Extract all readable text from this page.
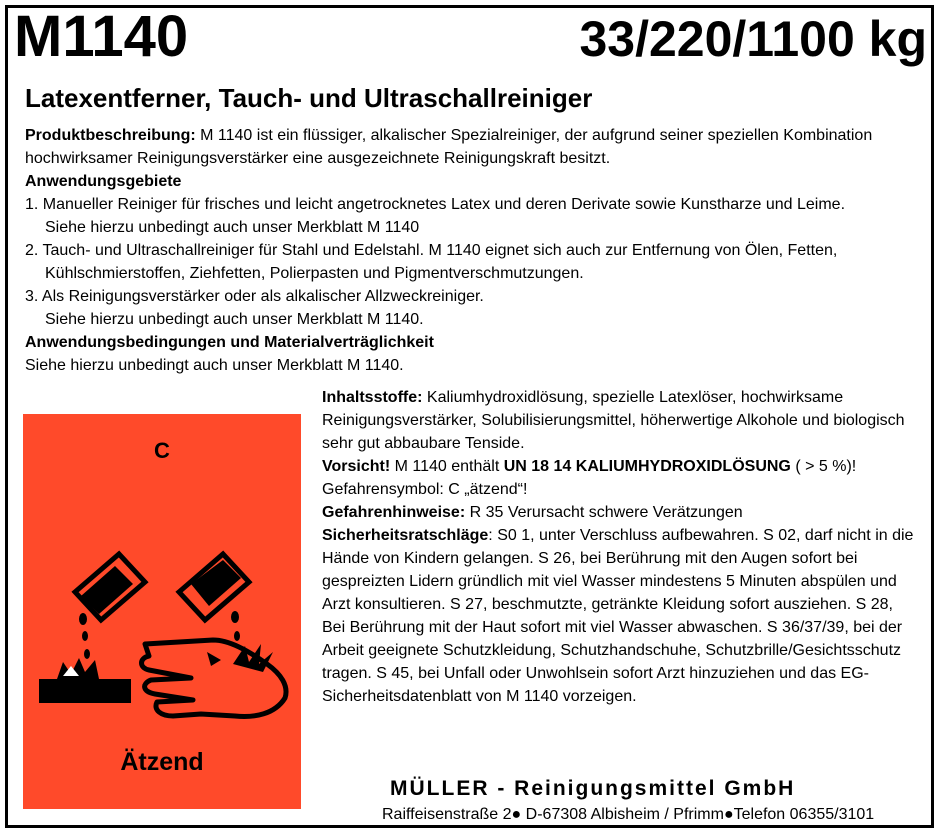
M1140	33/220/1100 kg
Latexentferner, Tauch- und Ultraschallreiniger

Produktbeschreibung: M 1140 ist ein flüssiger, alkalischer Spezialreiniger, der aufgrund seiner speziellen Kombination hochwirksamer Reinigungsverstärker eine ausgezeichnete Reinigungskraft besitzt.

Anwendungsgebiete

1. Manueller Reiniger für frisches und leicht angetrocknetes Latex und deren Derivate sowie Kunstharze und Leime.

Siehe hierzu unbedingt auch unser Merkblatt M 1140

2. Tauch- und Ultraschallreiniger für Stahl und Edelstahl. M 1140 eignet sich auch zur Entfernung von Ölen, Fetten, Kühlschmierstoffen, Ziehfetten, Polierpasten und Pigmentverschmutzungen.

3. Als Reinigungsverstärker oder als alkalischer Allzweckreiniger.

Siehe hierzu unbedingt auch unser Merkblatt M 1140.

Anwendungsbedingungen und Materialverträglichkeit

Siehe hierzu unbedingt auch unser Merkblatt M 1140.

Inhaltsstoffe: Kaliumhydroxidlösung, spezielle Latexlöser, hochwirksame Reinigungsverstärker, Solubilisierungsmittel, höherwertige Alkohole und biologisch sehr gut abbaubare Tenside.

Vorsicht! M 1140 enthält UN 18 14 KALIUMHYDROXIDLÖSUNG ( > 5 %)!

Gefahrensymbol: C „ätzend“!

Gefahrenhinweise: R 35 Verursacht schwere Verätzungen

Sicherheitsratschläge: S0 1, unter Verschluss aufbewahren. S 02, darf nicht in die Hände von Kindern gelangen. S 26, bei Berührung mit den Augen sofort bei gespreizten Lidern gründlich mit viel Wasser mindestens 5 Minuten abspülen und Arzt konsultieren. S 27, beschmutzte, getränkte Kleidung sofort ausziehen. S 28, Bei Berührung mit der Haut sofort mit viel Wasser abwaschen. S 36/37/39, bei der Arbeit geeignete Schutzkleidung, Schutzhandschuhe, Schutzbrille/Gesichtsschutz tragen. S 45, bei Unfall oder Unwohlsein sofort Arzt hinzuziehen und das EG-Sicherheitsdatenblatt von M 1140 vorzeigen.

C
Ätzend
MÜLLER - Reinigungsmittel GmbH
Raiffeisenstraße 2● D-67308 Albisheim / Pfrimm●Telefon 06355/3101
